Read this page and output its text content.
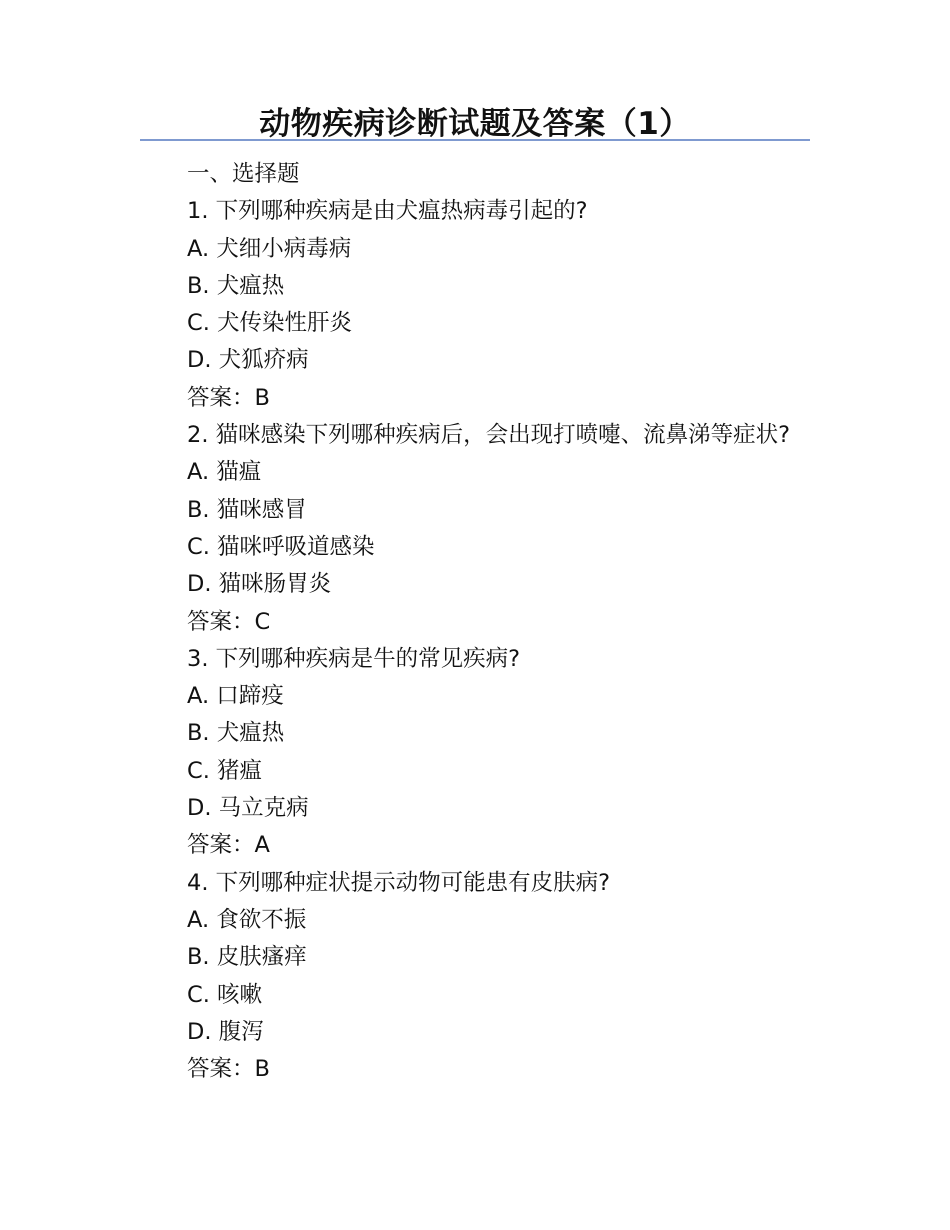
动物疾病诊断试题及答案（1）
一、选择题
1. 下列哪种疾病是由犬瘟热病毒引起的?
A. 犬细小病毒病
B. 犬瘟热
C. 犬传染性肝炎
D. 犬狐疥病
答案：B
2. 猫咪感染下列哪种疾病后，会出现打喷嚏、流鼻涕等症状?
A. 猫瘟
B. 猫咪感冒
C. 猫咪呼吸道感染
D. 猫咪肠胃炎
答案：C
3. 下列哪种疾病是牛的常见疾病?
A. 口蹄疫
B. 犬瘟热
C. 猪瘟
D. 马立克病
答案：A
4. 下列哪种症状提示动物可能患有皮肤病?
A. 食欲不振
B. 皮肤瘙痒
C. 咳嗽
D. 腹泻
答案：B
